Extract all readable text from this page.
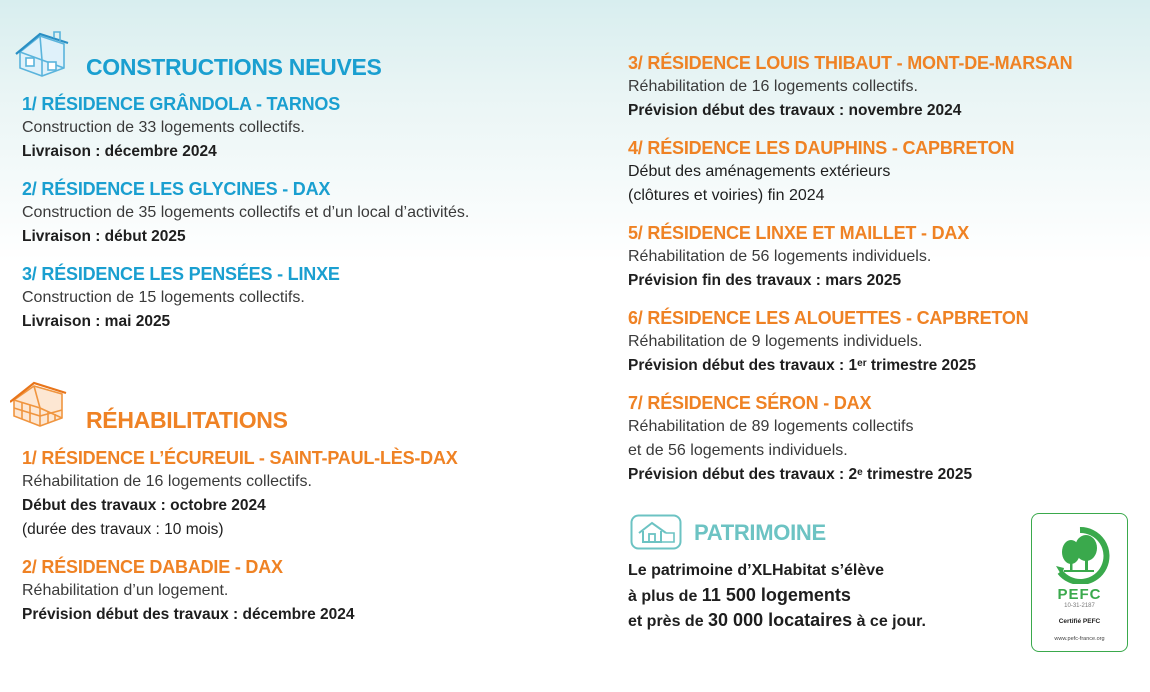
CONSTRUCTIONS NEUVES
1/ RÉSIDENCE GRÂNDOLA - TARNOS
Construction de 33 logements collectifs.
Livraison : décembre 2024
2/ RÉSIDENCE LES GLYCINES - DAX
Construction de 35 logements collectifs et d’un local d’activités.
Livraison : début 2025
3/ RÉSIDENCE LES PENSÉES - LINXE
Construction de 15 logements collectifs.
Livraison : mai 2025
RÉHABILITATIONS
1/ RÉSIDENCE L’ÉCUREUIL - SAINT-PAUL-LÈS-DAX
Réhabilitation de 16 logements collectifs.
Début des travaux : octobre 2024
(durée des travaux : 10 mois)
2/ RÉSIDENCE DABADIE - DAX
Réhabilitation d’un logement.
Prévision début des travaux : décembre 2024
3/ RÉSIDENCE LOUIS THIBAUT - MONT-DE-MARSAN
Réhabilitation de 16 logements collectifs.
Prévision début des travaux : novembre 2024
4/ RÉSIDENCE LES DAUPHINS - CAPBRETON
Début des aménagements extérieurs
(clôtures et voiries) fin 2024
5/ RÉSIDENCE LINXE ET MAILLET - DAX
Réhabilitation de 56 logements individuels.
Prévision fin des travaux : mars 2025
6/ RÉSIDENCE LES ALOUETTES - CAPBRETON
Réhabilitation de 9 logements individuels.
Prévision début des travaux : 1er trimestre 2025
7/ RÉSIDENCE SÉRON - DAX
Réhabilitation de 89 logements collectifs
et de 56 logements individuels.
Prévision début des travaux : 2e trimestre 2025
PATRIMOINE
Le patrimoine d’XLHabitat s’élève
à plus de 11 500 logements
et près de 30 000 locataires à ce jour.
PEFC
10-31-2187
Certifié PEFC
www.pefc-france.org
